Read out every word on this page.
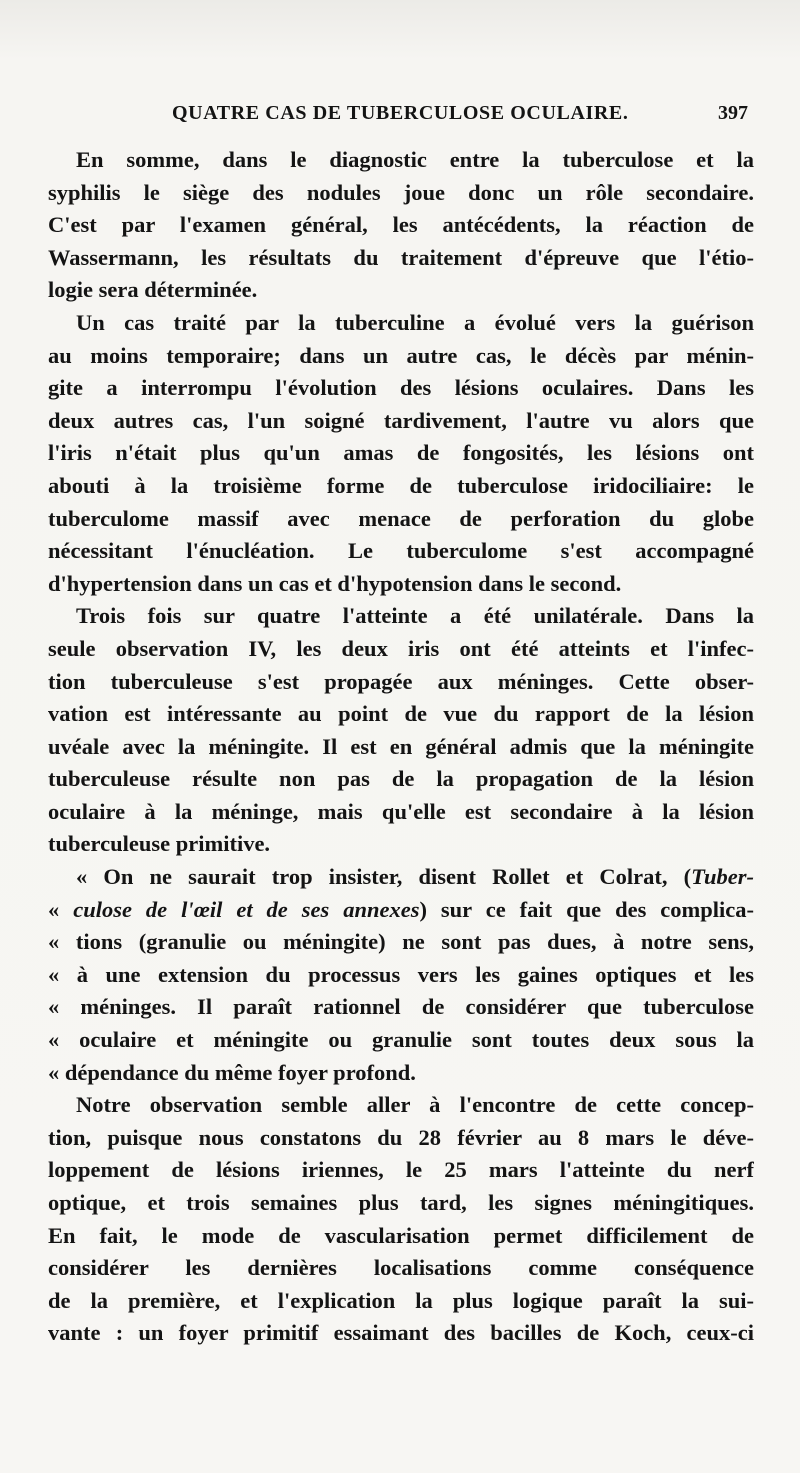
QUATRE CAS DE TUBERCULOSE OCULAIRE.	397
En somme, dans le diagnostic entre la tuberculose et la
syphilis le siège des nodules joue donc un rôle secondaire.
C'est par l'examen général, les antécédents, la réaction de
Wassermann, les résultats du traitement d'épreuve que l'étio-
logie sera déterminée.
Un cas traité par la tuberculine a évolué vers la guérison
au moins temporaire; dans un autre cas, le décès par ménin-
gite a interrompu l'évolution des lésions oculaires. Dans les
deux autres cas, l'un soigné tardivement, l'autre vu alors que
l'iris n'était plus qu'un amas de fongosités, les lésions ont
abouti à la troisième forme de tuberculose iridociliaire: le
tuberculome massif avec menace de perforation du globe
nécessitant l'énucléation. Le tuberculome s'est accompagné
d'hypertension dans un cas et d'hypotension dans le second.
Trois fois sur quatre l'atteinte a été unilatérale. Dans la
seule observation IV, les deux iris ont été atteints et l'infec-
tion tuberculeuse s'est propagée aux méninges. Cette obser-
vation est intéressante au point de vue du rapport de la lésion
uvéale avec la méningite. Il est en général admis que la méningite
tuberculeuse résulte non pas de la propagation de la lésion
oculaire à la méninge, mais qu'elle est secondaire à la lésion
tuberculeuse primitive.
« On ne saurait trop insister, disent Rollet et Colrat, (Tuber-
« culose de l'œil et de ses annexes) sur ce fait que des complica-
« tions (granulie ou méningite) ne sont pas dues, à notre sens,
« à une extension du processus vers les gaines optiques et les
« méninges. Il paraît rationnel de considérer que tuberculose
« oculaire et méningite ou granulie sont toutes deux sous la
« dépendance du même foyer profond.
Notre observation semble aller à l'encontre de cette concep-
tion, puisque nous constatons du 28 février au 8 mars le déve-
loppement de lésions iriennes, le 25 mars l'atteinte du nerf
optique, et trois semaines plus tard, les signes méningitiques.
En fait, le mode de vascularisation permet difficilement de
considérer les dernières localisations comme conséquence
de la première, et l'explication la plus logique paraît la sui-
vante : un foyer primitif essaimant des bacilles de Koch, ceux-ci
